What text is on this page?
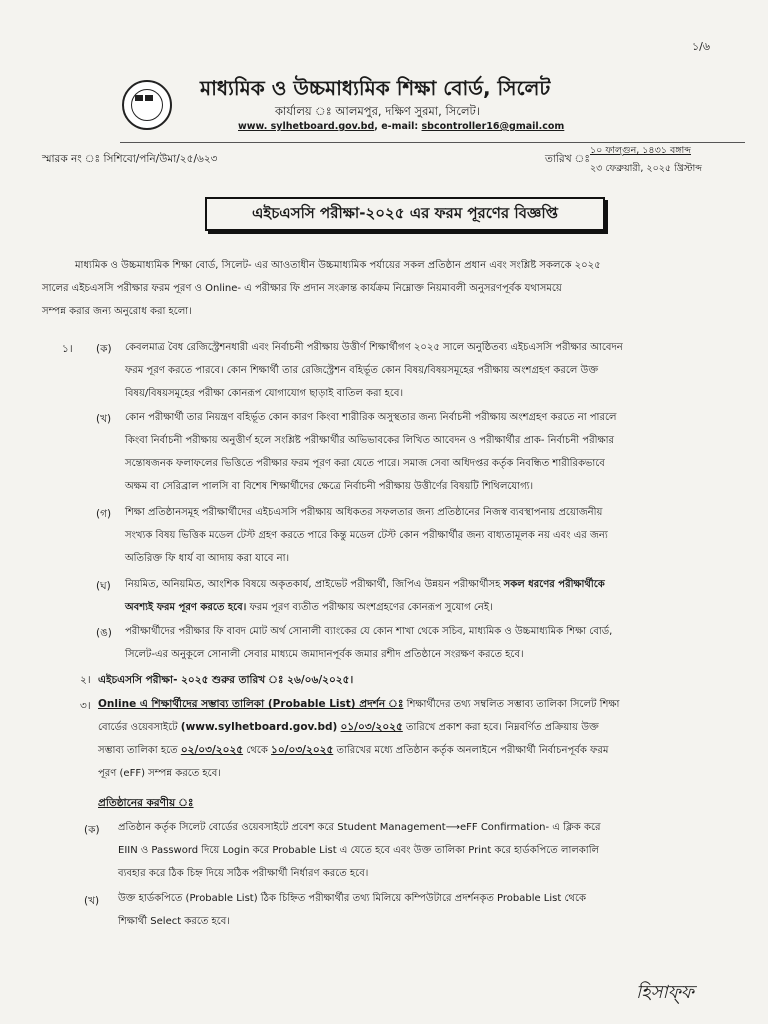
১/৬
মাধ্যমিক ও উচ্চমাধ্যমিক শিক্ষা বোর্ড, সিলেট
কার্যালয় ঃ আলমপুর, দক্ষিণ সুরমা, সিলেট।
www. sylhetboard.gov.bd, e-mail: sbcontroller16@gmail.com
স্মারক নং ঃ সিশিবো/পনি/উমা/২৫/৬২৩	তারিখ ঃ
১০ ফাল্গুন, ১৪৩১ বঙ্গাব্দ
২৩ ফেব্রুয়ারী, ২০২৫ খ্রিস্টাব্দ
এইচএসসি পরীক্ষা-২০২৫ এর ফরম পূরণের বিজ্ঞপ্তি
মাধ্যমিক ও উচ্চমাধ্যমিক শিক্ষা বোর্ড, সিলেট- এর আওতাধীন উচ্চমাধ্যমিক পর্যায়ের সকল প্রতিষ্ঠান প্রধান এবং সংশ্লিষ্ট সকলকে ২০২৫
সালের এইচএসসি পরীক্ষার ফরম পূরণ ও Online- এ পরীক্ষার ফি প্রদান সংক্রান্ত কার্যক্রম নিম্নোক্ত নিয়মাবলী অনুসরণপূর্বক যথাসময়ে
সম্পন্ন করার জন্য অনুরোধ করা হলো।
১। (ক) কেবলমাত্র বৈধ রেজিস্ট্রেশনধারী এবং নির্বাচনী পরীক্ষায় উত্তীর্ণ শিক্ষার্থীগণ ২০২৫ সালে অনুষ্ঠিতব্য এইচএসসি পরীক্ষার আবেদন
ফরম পূরণ করতে পারবে। কোন শিক্ষার্থী তার রেজিস্ট্রেশন বহির্ভূত কোন বিষয়/বিষয়সমূহের পরীক্ষায় অংশগ্রহণ করলে উক্ত
বিষয়/বিষয়সমূহের পরীক্ষা কোনরূপ যোগাযোগ ছাড়াই বাতিল করা হবে।
(খ) কোন পরীক্ষার্থী তার নিয়ন্ত্রণ বহির্ভূত কোন কারণ কিংবা শারীরিক অসুস্থতার জন্য নির্বাচনী পরীক্ষায় অংশগ্রহণ করতে না পারলে
কিংবা নির্বাচনী পরীক্ষায় অনুত্তীর্ণ হলে সংশ্লিষ্ট পরীক্ষার্থীর অভিভাবকের লিখিত আবেদন ও পরীক্ষার্থীর প্রাক- নির্বাচনী পরীক্ষার
সন্তোষজনক ফলাফলের ভিত্তিতে পরীক্ষার ফরম পূরণ করা যেতে পারে। সমাজ সেবা অধিদপ্তর কর্তৃক নিবন্ধিত শারীরিকভাবে
অক্ষম বা সেরিব্রাল পালসি বা বিশেষ শিক্ষার্থীদের ক্ষেত্রে নির্বাচনী পরীক্ষায় উত্তীর্ণের বিষয়টি শিথিলযোগ্য।
(গ) শিক্ষা প্রতিষ্ঠানসমূহ পরীক্ষার্থীদের এইচএসসি পরীক্ষায় অধিকতর সফলতার জন্য প্রতিষ্ঠানের নিজস্ব ব্যবস্থাপনায় প্রয়োজনীয়
সংখ্যক বিষয় ভিত্তিক মডেল টেস্ট গ্রহণ করতে পারে কিন্তু মডেল টেস্ট কোন পরীক্ষার্থীর জন্য বাধ্যতামূলক নয় এবং এর জন্য
অতিরিক্ত ফি ধার্য বা আদায় করা যাবে না।
(ঘ) নিয়মিত, অনিয়মিত, আংশিক বিষয়ে অকৃতকার্য, প্রাইভেট পরীক্ষার্থী, জিপিএ উন্নয়ন পরীক্ষার্থীসহ সকল ধরণের পরীক্ষার্থীকে
অবশ্যই ফরম পূরণ করতে হবে। ফরম পূরণ ব্যতীত পরীক্ষায় অংশগ্রহণের কোনরূপ সুযোগ নেই।
(ঙ) পরীক্ষার্থীদের পরীক্ষার ফি বাবদ মোট অর্থ সোনালী ব্যাংকের যে কোন শাখা থেকে সচিব, মাধ্যমিক ও উচ্চমাধ্যমিক শিক্ষা বোর্ড,
সিলেট-এর অনুকূলে সোনালী সেবার মাধ্যমে জমাদানপূর্বক জমার রশীদ প্রতিষ্ঠানে সংরক্ষণ করতে হবে।
২। এইচএসসি পরীক্ষা- ২০২৫ শুরুর তারিখ ঃ ২৬/০৬/২০২৫।
৩। Online এ শিক্ষার্থীদের সম্ভাব্য তালিকা (Probable List) প্রদর্শন ঃ শিক্ষার্থীদের তথ্য সম্বলিত সম্ভাব্য তালিকা সিলেট শিক্ষা
বোর্ডের ওয়েবসাইটে (www.sylhetboard.gov.bd) ০১/০৩/২০২৫ তারিখে প্রকাশ করা হবে। নিম্নবর্ণিত প্রক্রিয়ায় উক্ত
সম্ভাব্য তালিকা হতে ০২/০৩/২০২৫ থেকে ১০/০৩/২০২৫ তারিখের মধ্যে প্রতিষ্ঠান কর্তৃক অনলাইনে পরীক্ষার্থী নির্বাচনপূর্বক ফরম
পূরণ (eFF) সম্পন্ন করতে হবে।
প্রতিষ্ঠানের করণীয় ঃ
(ক) প্রতিষ্ঠান কর্তৃক সিলেট বোর্ডের ওয়েবসাইটে প্রবেশ করে Student Management⟶eFF Confirmation- এ ক্লিক করে
EIIN ও Password দিয়ে Login করে Probable List এ যেতে হবে এবং উক্ত তালিকা Print করে হার্ডকপিতে লালকালি
ব্যবহার করে ঠিক চিহ্ন দিয়ে সঠিক পরীক্ষার্থী নির্ধারণ করতে হবে।
(খ) উক্ত হার্ডকপিতে (Probable List) ঠিক চিহ্নিত পরীক্ষার্থীর তথ্য মিলিয়ে কম্পিউটারে প্রদর্শনকৃত Probable List থেকে
শিক্ষার্থী Select করতে হবে।
হিসাফ্ফ
